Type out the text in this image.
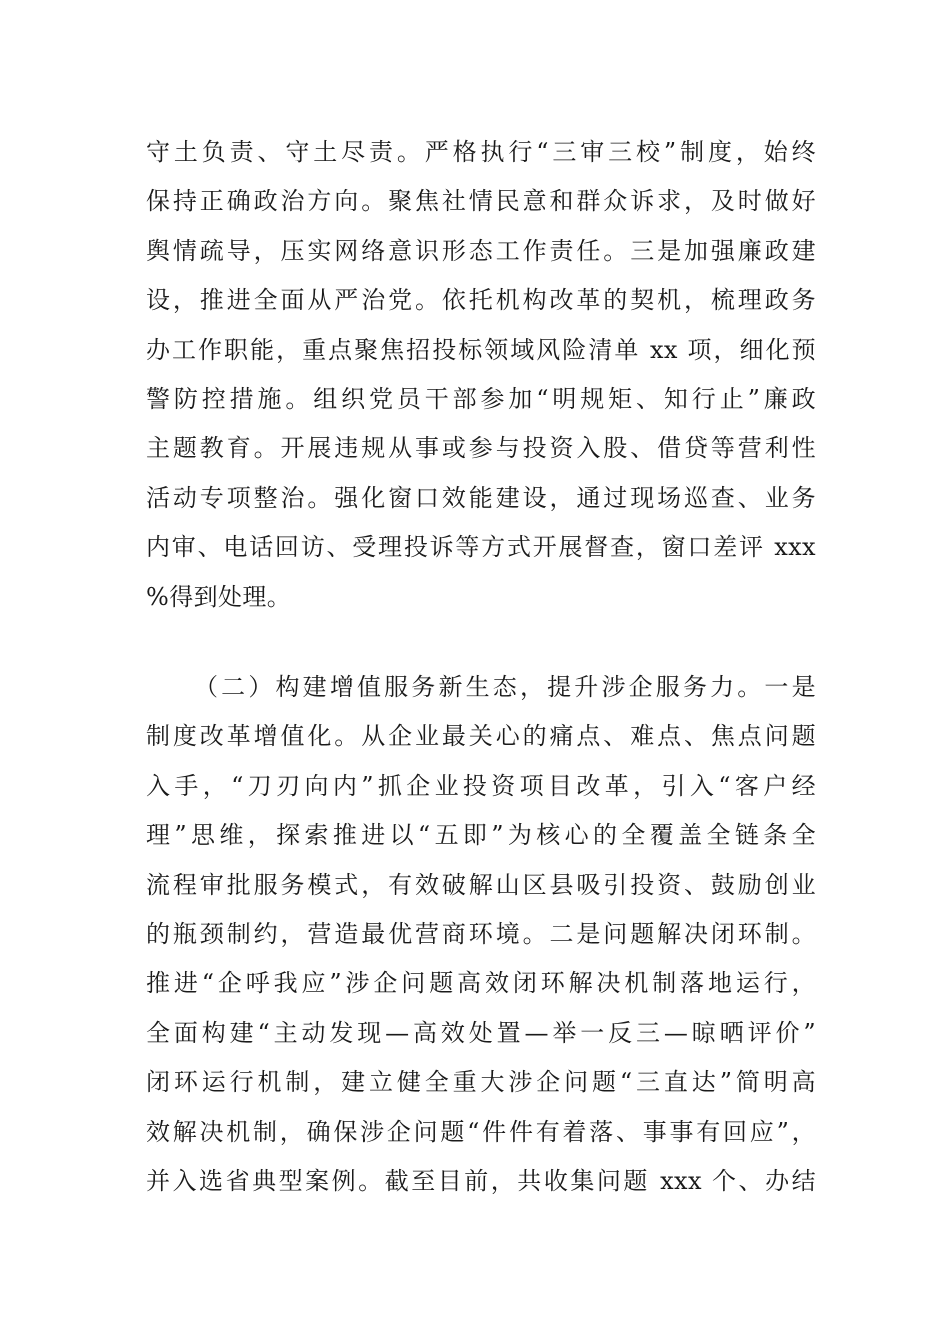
守土负责、守土尽责。严格执行“三审三校”制度，始终
保持正确政治方向。聚焦社情民意和群众诉求，及时做好
舆情疏导，压实网络意识形态工作责任。三是加强廉政建
设，推进全面从严治党。依托机构改革的契机，梳理政务
办工作职能，重点聚焦招投标领域风险清单 xx 项，细化预
警防控措施。组织党员干部参加“明规矩、知行止”廉政
主题教育。开展违规从事或参与投资入股、借贷等营利性
活动专项整治。强化窗口效能建设，通过现场巡查、业务
内审、电话回访、受理投诉等方式开展督查，窗口差评 xxx
%得到处理。
（二）构建增值服务新生态，提升涉企服务力。一是
制度改革增值化。从企业最关心的痛点、难点、焦点问题
入手，“刀刃向内”抓企业投资项目改革，引入“客户经
理”思维，探索推进以“五即”为核心的全覆盖全链条全
流程审批服务模式，有效破解山区县吸引投资、鼓励创业
的瓶颈制约，营造最优营商环境。二是问题解决闭环制。
推进“企呼我应”涉企问题高效闭环解决机制落地运行，
全面构建“主动发现—高效处置—举一反三—晾晒评价”
闭环运行机制，建立健全重大涉企问题“三直达”简明高
效解决机制，确保涉企问题“件件有着落、事事有回应”，
并入选省典型案例。截至目前，共收集问题 xxx 个、办结
